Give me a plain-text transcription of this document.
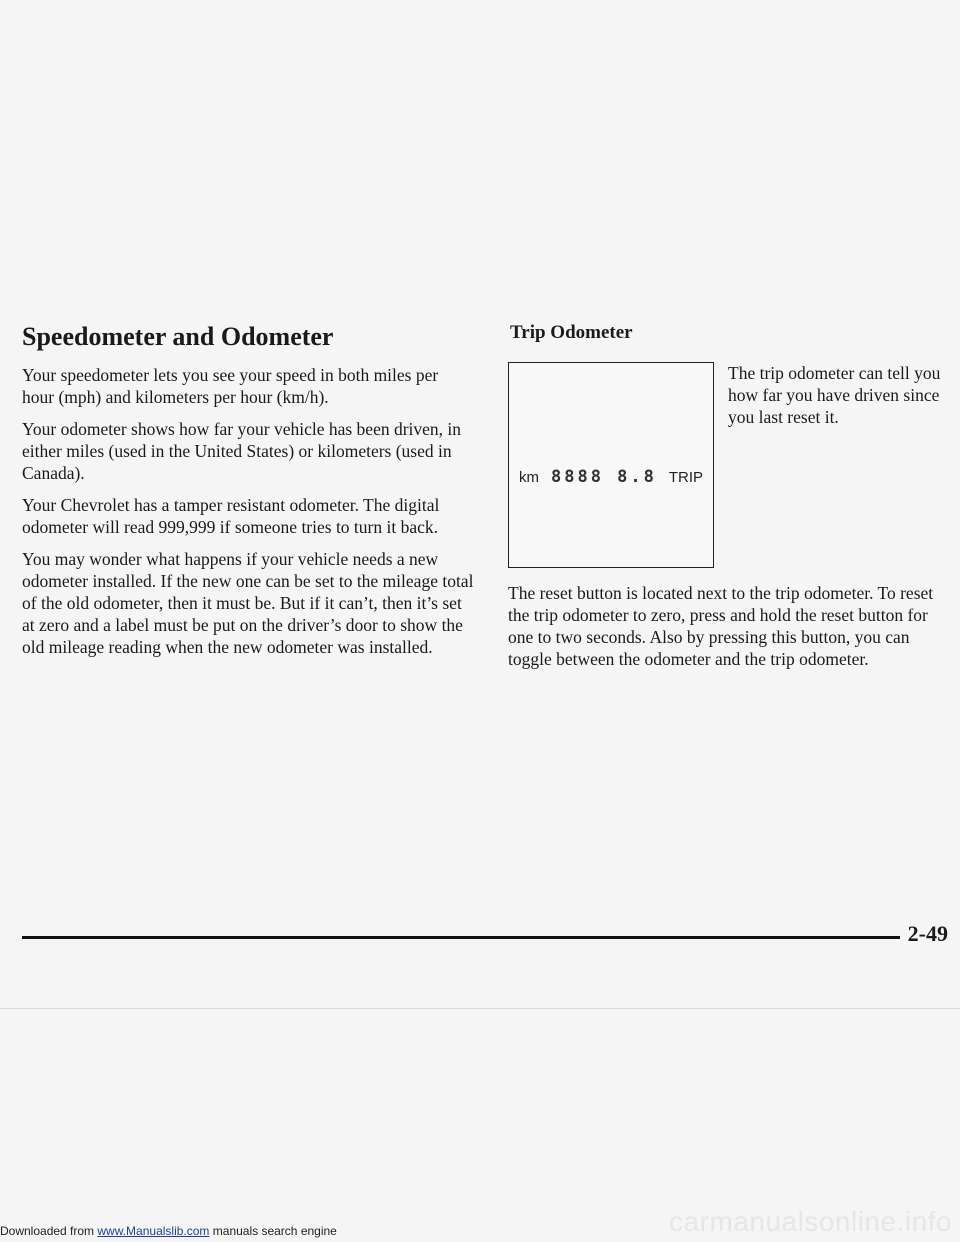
Speedometer and Odometer

Your speedometer lets you see your speed in both miles per hour (mph) and kilometers per hour (km/h).

Your odometer shows how far your vehicle has been driven, in either miles (used in the United States) or kilometers (used in Canada).

Your Chevrolet has a tamper resistant odometer. The digital odometer will read 999,999 if someone tries to turn it back.

You may wonder what happens if your vehicle needs a new odometer installed. If the new one can be set to the mileage total of the old odometer, then it must be. But if it can’t, then it’s set at zero and a label must be put on the driver’s door to show the old mileage reading when the new odometer was installed.

Trip Odometer
km 8888 8.8 TRIP

The trip odometer can tell you how far you have driven since you last reset it.

The reset button is located next to the trip odometer. To reset the trip odometer to zero, press and hold the reset button for one to two seconds. Also by pressing this button, you can toggle between the odometer and the trip odometer.

2-49
Downloaded from www.Manualslib.com manuals search engine	carmanualsonline.info
